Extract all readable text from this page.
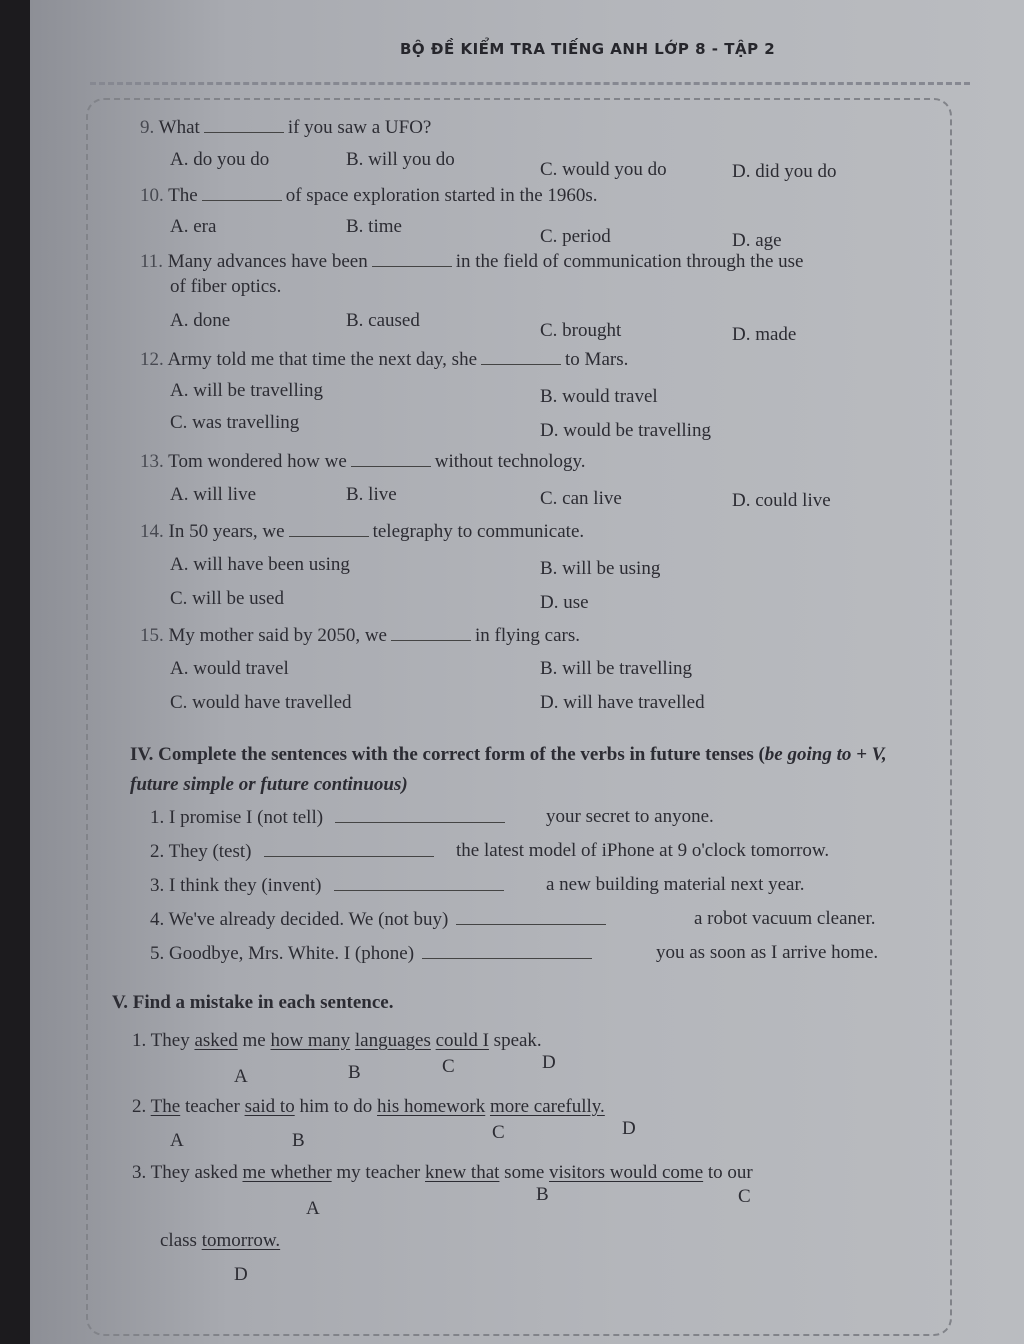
BỘ ĐỀ KIỂM TRA TIẾNG ANH LỚP 8 - TẬP 2
9. What	if you saw a UFO?
A. do you do	B. will you do	C. would you do	D. did you do
10. The	of space exploration started in the 1960s.
A. era	B. time	C. period	D. age
11. Many advances have been	in the field of communication through the use
of fiber optics.
A. done	B. caused	C. brought	D. made
12. Army told me that time the next day, she	to Mars.
A. will be travelling	B. would travel
C. was travelling	D. would be travelling
13. Tom wondered how we	without technology.
A. will live	B. live	C. can live	D. could live
14. In 50 years, we	telegraphy to communicate.
A. will have been using	B. will be using
C. will be used	D. use
15. My mother said by 2050, we	in flying cars.
A. would travel	B. will be travelling
C. would have travelled	D. will have travelled
IV. Complete the sentences with the correct form of the verbs in future tenses (be going to + V, future simple or future continuous)
1. I promise I (not tell)	your secret to anyone.
2. They (test)	the latest model of iPhone at 9 o'clock tomorrow.
3. I think they (invent)	a new building material next year.
4. We've already decided. We (not buy)	a robot vacuum cleaner.
5. Goodbye, Mrs. White. I (phone)	you as soon as I arrive home.
V. Find a mistake in each sentence.
1. They asked me how many languages could I speak.
A	B	C	D
2. The teacher said to him to do his homework more carefully.
A	B	C	D
3. They asked me whether my teacher knew that some visitors would come to our
A
B	C
class tomorrow.
D
